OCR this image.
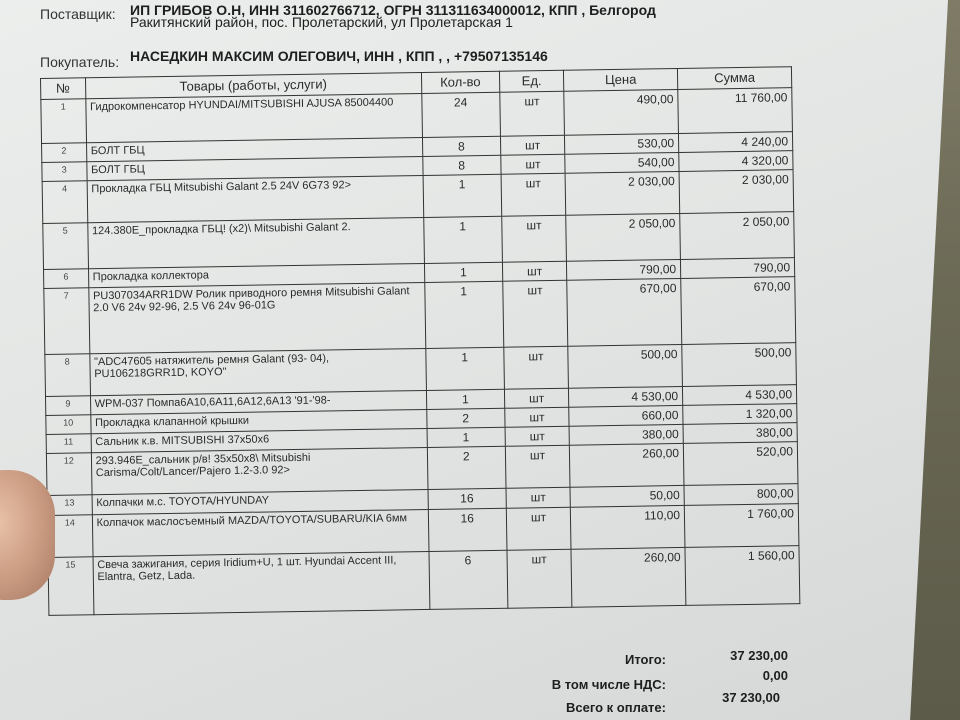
Поставщик: ИП ГРИБОВ О.Н, ИНН 311602766712, ОГРН 311311634000012, КПП , Белгород
Ракитянский район, пос. Пролетарский, ул Пролетарская 1
Покупатель: НАСЕДКИН МАКСИМ ОЛЕГОВИЧ, ИНН , КПП , , +79507135146
№	Товары (работы, услуги)	Кол-во	Ед.	Цена	Сумма
1	Гидрокомпенсатор HYUNDAI/MITSUBISHI AJUSA 85004400	24	шт	490,00	11 760,00
2	БОЛТ ГБЦ	8	шт	530,00	4 240,00
3	БОЛТ ГБЦ	8	шт	540,00	4 320,00
4	Прокладка ГБЦ Mitsubishi Galant 2.5 24V 6G73 92>	1	шт	2 030,00	2 030,00
5	124.380E_прокладка ГБЦ! (x2)\ Mitsubishi Galant 2.	1	шт	2 050,00	2 050,00
6	Прокладка коллектора	1	шт	790,00	790,00
7	PU307034ARR1DW Ролик приводного ремня Mitsubishi Galant 2.0 V6 24v 92-96, 2.5 V6 24v 96-01G	1	шт	670,00	670,00
8	"ADC47605 натяжитель ремня Galant (93- 04), PU106218GRR1D, KOYO"	1	шт	500,00	500,00
9	WPM-037 Помпа6А10,6А11,6А12,6А13 '91-'98-	1	шт	4 530,00	4 530,00
10	Прокладка клапанной крышки	2	шт	660,00	1 320,00
11	Сальник к.в. MITSUBISHI 37x50x6	1	шт	380,00	380,00
12	293.946E_сальник р/в! 35x50x8\ Mitsubishi Carisma/Colt/Lancer/Pajero 1.2-3.0 92>	2	шт	260,00	520,00
13	Колпачки м.с. TOYOTA/HYUNDAY	16	шт	50,00	800,00
14	Колпачок маслосъемный MAZDA/TOYOTA/SUBARU/KIA 6мм	16	шт	110,00	1 760,00
15	Свеча зажигания, серия Iridium+U, 1 шт. Hyundai Accent III, Elantra, Getz, Lada.	6	шт	260,00	1 560,00
Итого:	37 230,00
В том числе НДС:
0,00
Всего к оплате:
37 230,00
